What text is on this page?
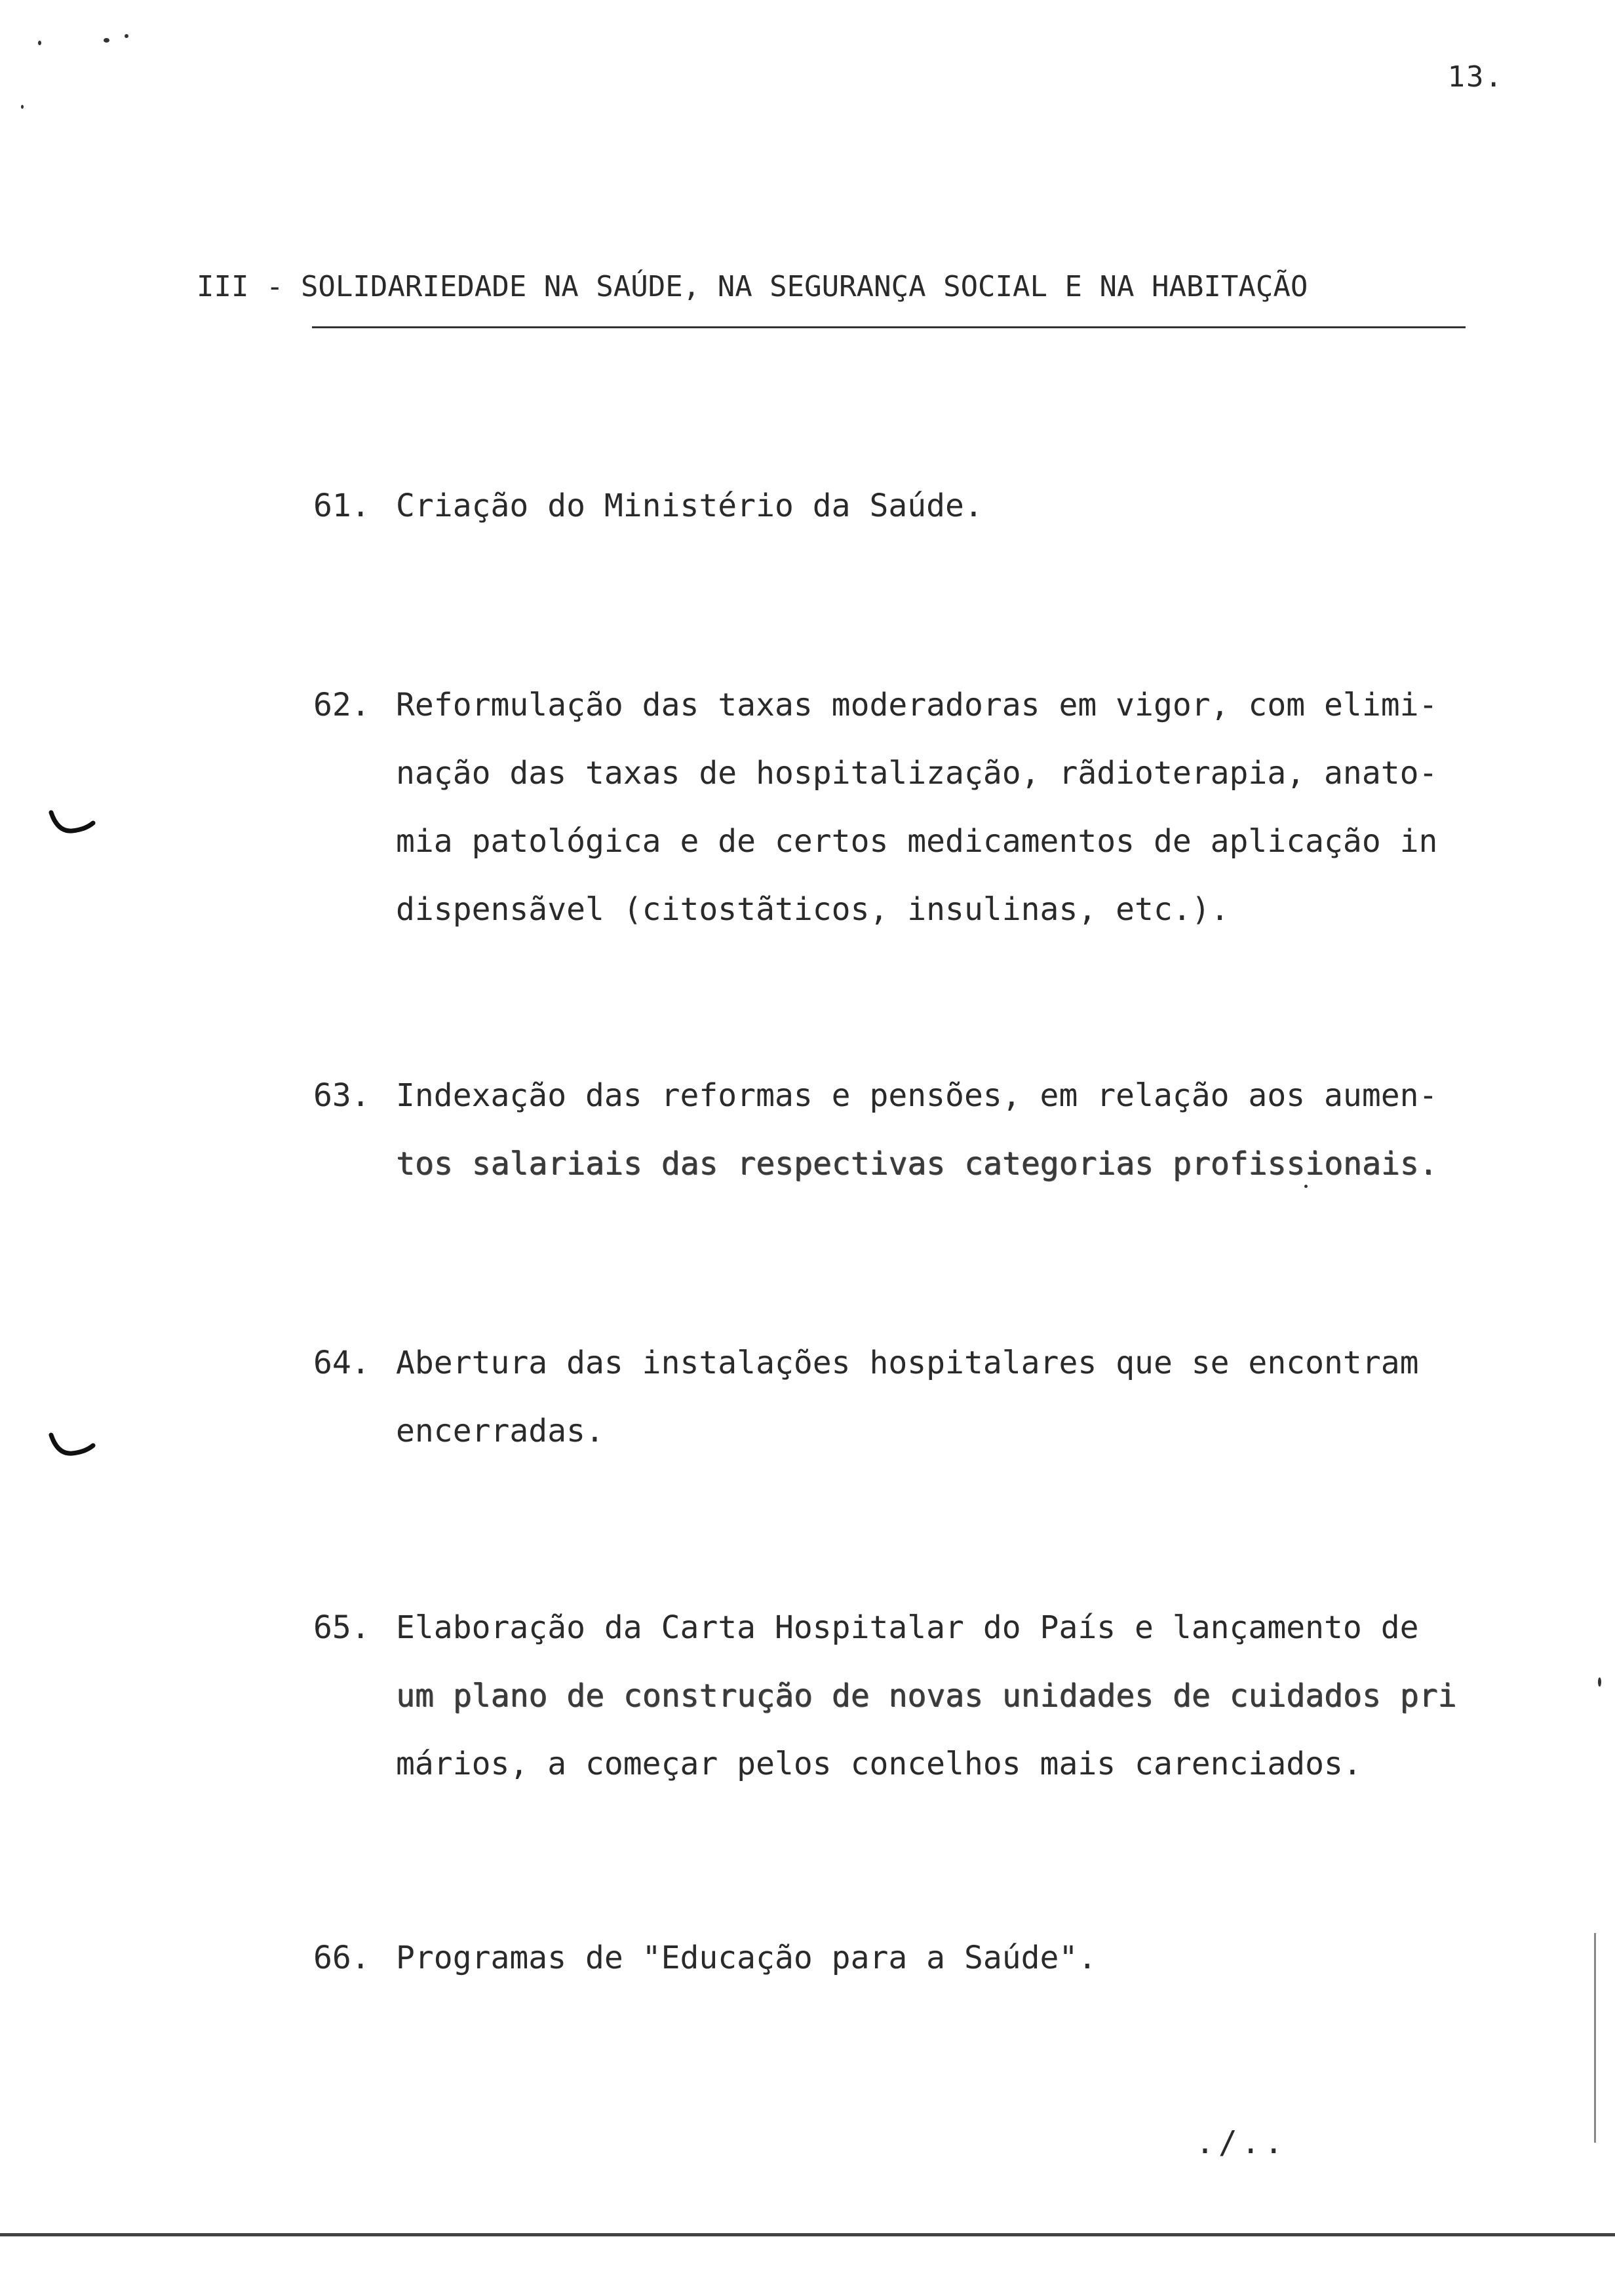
13.
III - SOLIDARIEDADE NA SAÚDE, NA SEGURANÇA SOCIAL E NA HABITAÇÃO
61. Criação do Ministério da Saúde.
62. Reformulação das taxas moderadoras em vigor, com elimi-
nação das taxas de hospitalização, rãdioterapia, anato-
mia patológica e de certos medicamentos de aplicação in
dispensãvel (citostãticos, insulinas, etc.).
63. Indexação das reformas e pensões, em relação aos aumen-
tos salariais das respectivas categorias profissionais.
64. Abertura das instalações hospitalares que se encontram
encerradas.
65. Elaboração da Carta Hospitalar do País e lançamento de
um plano de construção de novas unidades de cuidados pri
mários, a começar pelos concelhos mais carenciados.
66. Programas de "Educação para a Saúde".
./..
